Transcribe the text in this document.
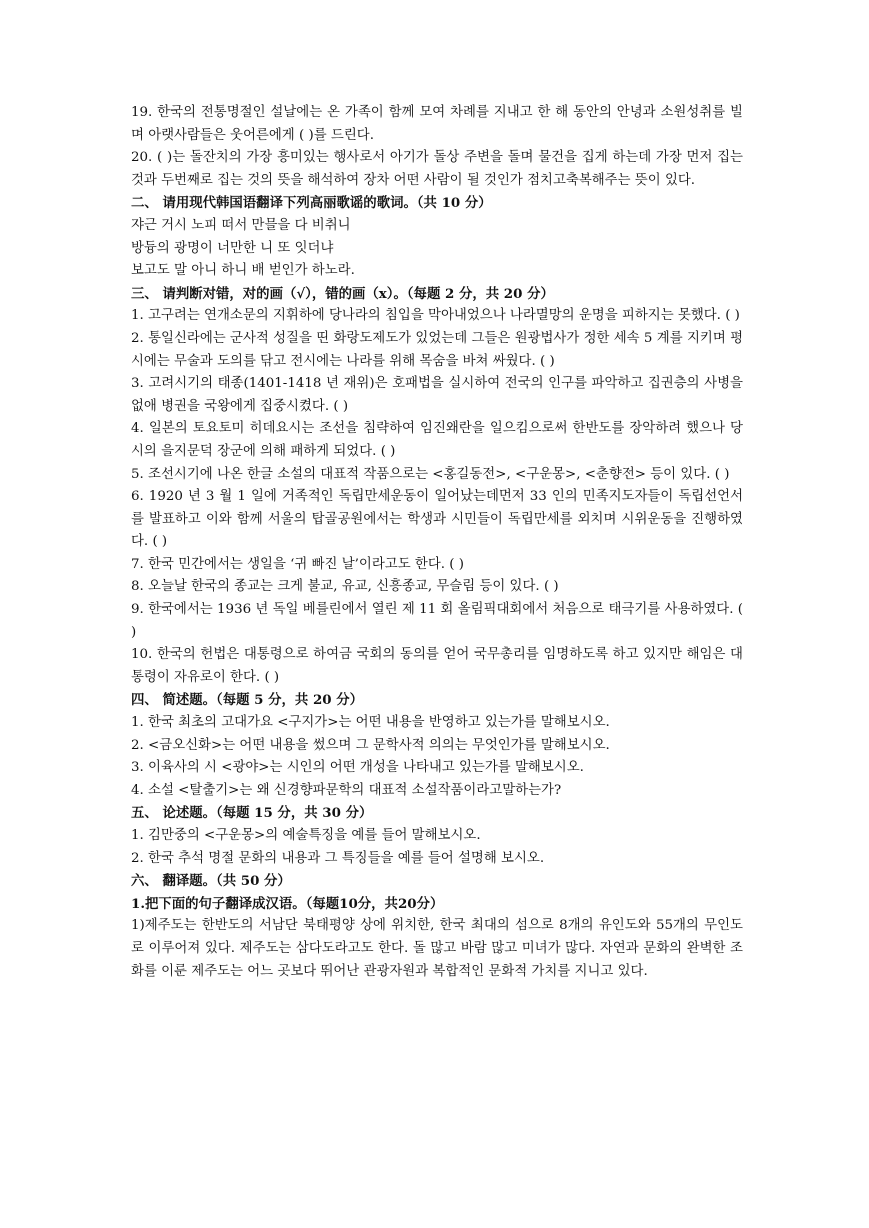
19. 한국의 전통명절인 설날에는 온 가족이 함께 모여 차례를 지내고 한 해 동안의 안녕과 소원성취를 빌며 아랫사람들은 웃어른에게 ( )를 드린다.

20. ( )는 돌잔치의 가장 흥미있는 행사로서 아기가 돌상 주변을 돌며 물건을 집게 하는데 가장 먼저 집는 것과 두번째로 집는 것의 뜻을 해석하여 장차 어떤 사람이 될 것인가 점치고축복해주는 뜻이 있다.

二、 请用现代韩国语翻译下列高丽歌谣的歌词。（共 10 分）

쟈근 거시 노피 떠서 만믈을 다 비취니

방듕의 광명이 너만한 니 또 잇더냐

보고도 말 아니 하니 배 벋인가 하노라.

三、 请判断对错，对的画（√），错的画（x）。（每题 2 分，共 20 分）

1. 고구려는 연개소문의 지휘하에 당나라의 침입을 막아내었으나 나라멸망의 운명을 피하지는 못했다. ( )

2. 통일신라에는 군사적 성질을 띤 화랑도제도가 있었는데 그들은 원광법사가 정한 세속 5 계를 지키며 평시에는 무술과 도의를 닦고 전시에는 나라를 위해 목숨을 바쳐 싸웠다. ( )

3. 고려시기의 태종(1401-1418 년 재위)은 호패법을 실시하여 전국의 인구를 파악하고 집권층의 사병을 없애 병권을 국왕에게 집중시켰다. ( )

4. 일본의 토요토미 히데요시는 조선을 침략하여 임진왜란을 일으킴으로써 한반도를 장악하려 했으나 당시의 을지문덕 장군에 의해 패하게 되었다. ( )

5. 조선시기에 나온 한글 소설의 대표적 작품으로는 <홍길동전>, <구운몽>, <춘향전> 등이 있다. ( )

6. 1920 년 3 월 1 일에 거족적인 독립만세운동이 일어났는데먼저 33 인의 민족지도자들이 독립선언서를 발표하고 이와 함께 서울의 탑골공원에서는 학생과 시민들이 독립만세를 외치며 시위운동을 진행하였다. ( )

7. 한국 민간에서는 생일을 ‘귀 빠진 날’이라고도 한다. ( )

8. 오늘날 한국의 종교는 크게 불교, 유교, 신흥종교, 무슬림 등이 있다. ( )

9. 한국에서는 1936 년 독일 베를린에서 열린 제 11 회 올림픽대회에서 처음으로 태극기를 사용하였다. ( )

10. 한국의 헌법은 대통령으로 하여금 국회의 동의를 얻어 국무총리를 임명하도록 하고 있지만 해임은 대통령이 자유로이 한다. ( )

四、 简述题。（每题 5 分，共 20 分）

1. 한국 최초의 고대가요 <구지가>는 어떤 내용을 반영하고 있는가를 말해보시오.

2. <금오신화>는 어떤 내용을 썼으며 그 문학사적 의의는 무엇인가를 말해보시오.

3. 이육사의 시 <광야>는 시인의 어떤 개성을 나타내고 있는가를 말해보시오.

4. 소설 <탈출기>는 왜 신경향파문학의 대표적 소설작품이라고말하는가?

五、 论述题。（每题 15 分，共 30 分）

1. 김만중의 <구운몽>의 예술특징을 예를 들어 말해보시오.

2. 한국 추석 명절 문화의 내용과 그 특징들을 예를 들어 설명해 보시오.

六、 翻译题。（共 50 分）

1.把下面的句子翻译成汉语。（每题10分，共20分）

1)제주도는 한반도의 서남단 북태평양 상에 위치한, 한국 최대의 섬으로 8개의 유인도와 55개의 무인도로 이루어져 있다. 제주도는 삼다도라고도 한다. 돌 많고 바람 많고 미녀가 많다. 자연과 문화의 완벽한 조화를 이룬 제주도는 어느 곳보다 뛰어난 관광자원과 복합적인 문화적 가치를 지니고 있다.
